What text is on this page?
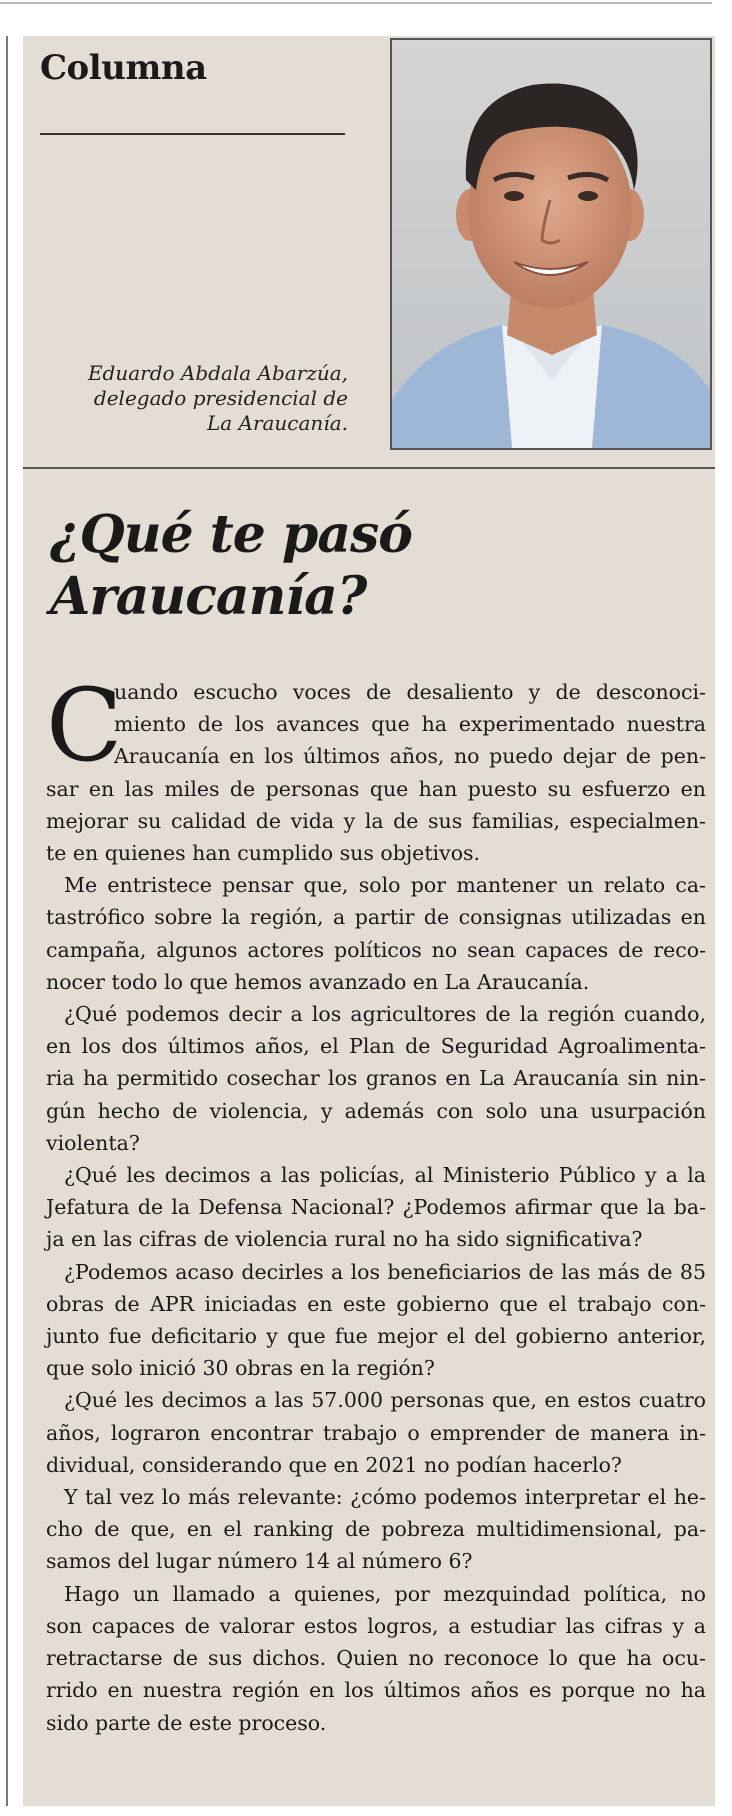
Columna
Eduardo Abdala Abarzúa,
delegado presidencial de
La Araucanía.
¿Qué te pasó
Araucanía?
C
uando escucho voces de desaliento y de desconoci-
miento de los avances que ha experimentado nuestra
Araucanía en los últimos años, no puedo dejar de pen-
sar en las miles de personas que han puesto su esfuerzo en
mejorar su calidad de vida y la de sus familias, especialmen-
te en quienes han cumplido sus objetivos.
Me entristece pensar que, solo por mantener un relato ca-
tastrófico sobre la región, a partir de consignas utilizadas en
campaña, algunos actores políticos no sean capaces de reco-
nocer todo lo que hemos avanzado en La Araucanía.
¿Qué podemos decir a los agricultores de la región cuando,
en los dos últimos años, el Plan de Seguridad Agroalimenta-
ria ha permitido cosechar los granos en La Araucanía sin nin-
gún hecho de violencia, y además con solo una usurpación
violenta?
¿Qué les decimos a las policías, al Ministerio Público y a la
Jefatura de la Defensa Nacional? ¿Podemos afirmar que la ba-
ja en las cifras de violencia rural no ha sido significativa?
¿Podemos acaso decirles a los beneficiarios de las más de 85
obras de APR iniciadas en este gobierno que el trabajo con-
junto fue deficitario y que fue mejor el del gobierno anterior,
que solo inició 30 obras en la región?
¿Qué les decimos a las 57.000 personas que, en estos cuatro
años, lograron encontrar trabajo o emprender de manera in-
dividual, considerando que en 2021 no podían hacerlo?
Y tal vez lo más relevante: ¿cómo podemos interpretar el he-
cho de que, en el ranking de pobreza multidimensional, pa-
samos del lugar número 14 al número 6?
Hago un llamado a quienes, por mezquindad política, no
son capaces de valorar estos logros, a estudiar las cifras y a
retractarse de sus dichos. Quien no reconoce lo que ha ocu-
rrido en nuestra región en los últimos años es porque no ha
sido parte de este proceso.
